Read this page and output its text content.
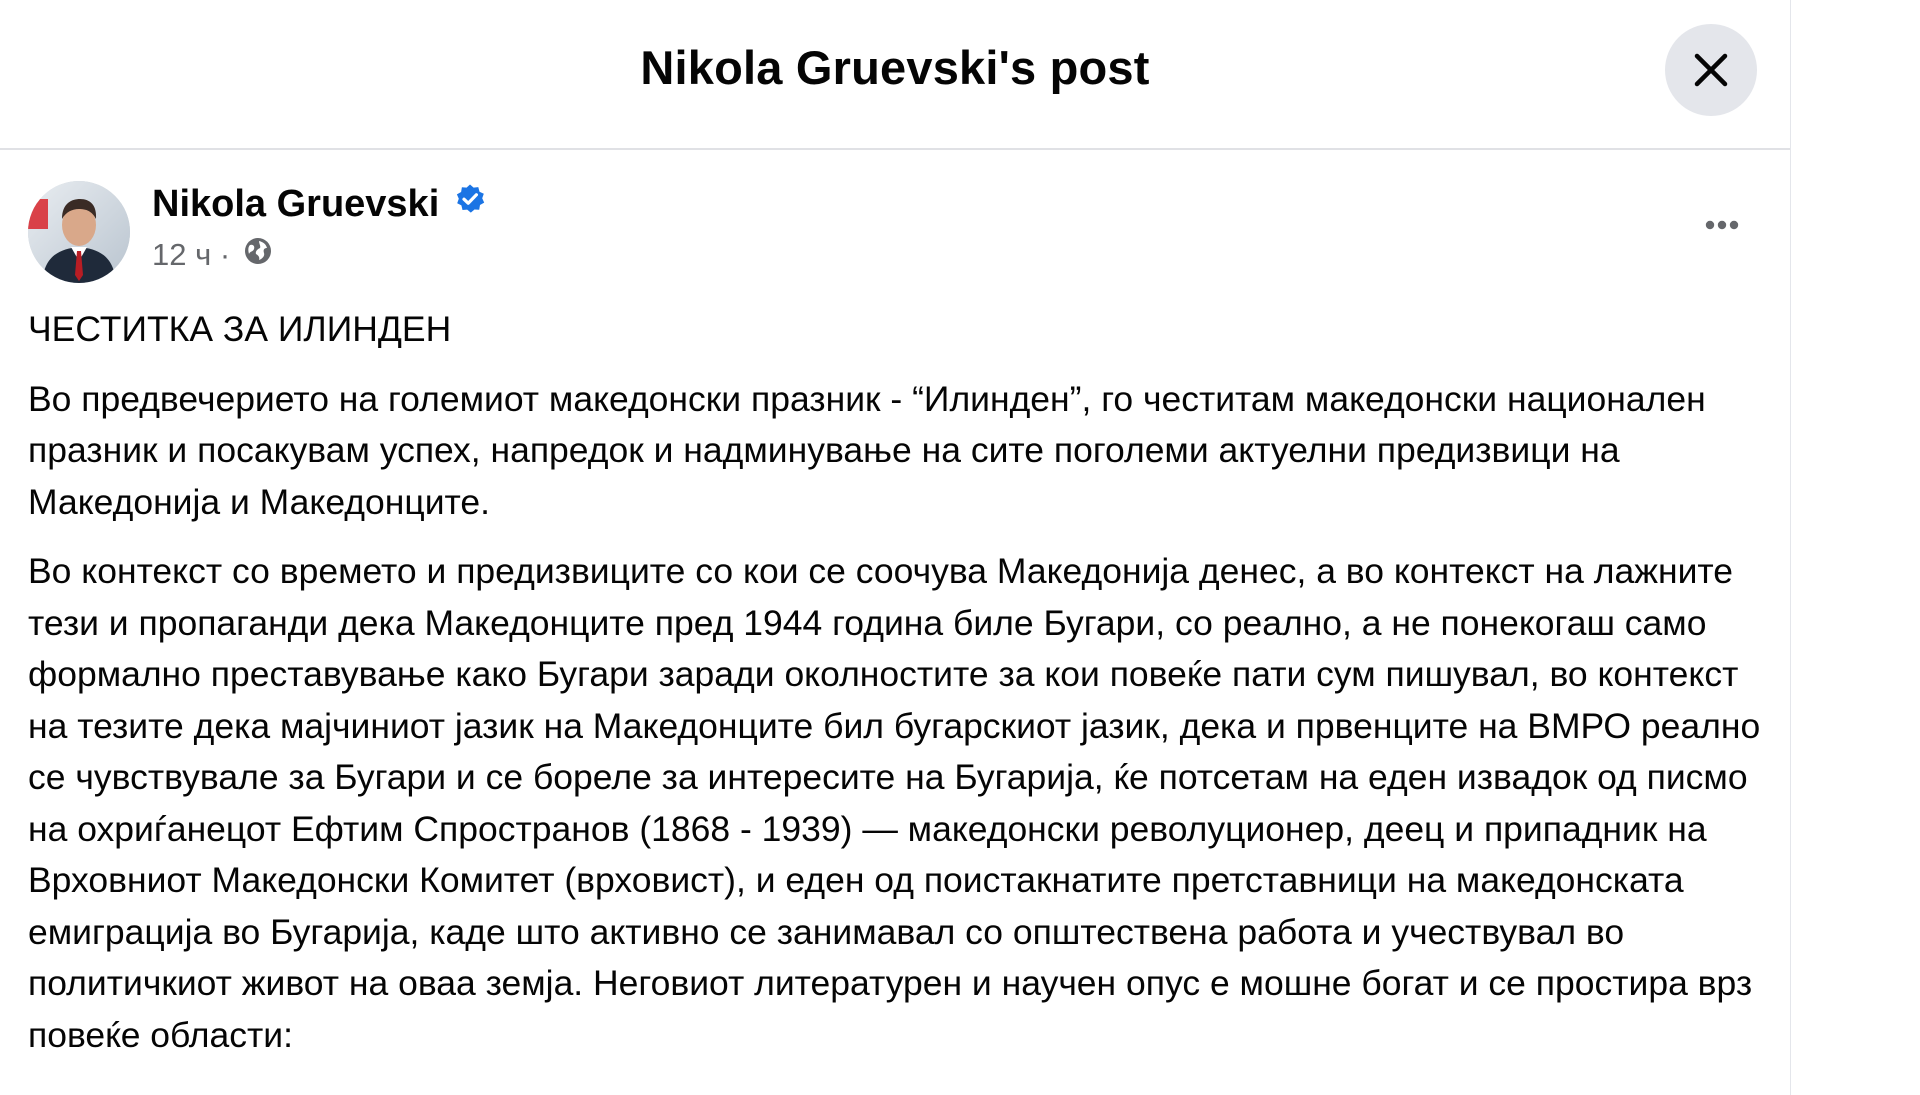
Nikola Gruevski's post
Nikola Gruevski
12 ч ·

ЧЕСТИТКА ЗА ИЛИНДЕН

Во предвечерието на големиот македонски празник - “Илинден”, го честитам македонски националeн празник и посакувам успех, напредок и надминување на сите поголеми актуелни предизвици на Македонија и Македонците.

Во контекст со времето и предизвиците со кои се соочува Македонија денес, а во контекст на лажните тези и пропаганди дека Македонците пред 1944 година биле Бугари, со реално, а не понекогаш само формално преставување како Бугари заради околностите за кои повеќе пати сум пишувал, во контекст на тезите дека мајчиниот јазик на Македонците бил бугарскиот јазик, дека и првенците на ВМРО реално се чувствувале за Бугари и се бореле за интересите на Бугарија, ќе потсетам на еден извадок од писмо на охриѓанецот Ефтим Спространов (1868 - 1939) — македонски револуционер, деец и припадник на Врховниот Македонски Комитет (врховист), и еден од поистакнатите претставници на македонската емиграција во Бугарија, каде што активно се занимавал со општествена работа и учествувал во политичкиот живот на оваа земја. Неговиот литературен и научен опус е мошне богат и се простира врз повеќе области:
